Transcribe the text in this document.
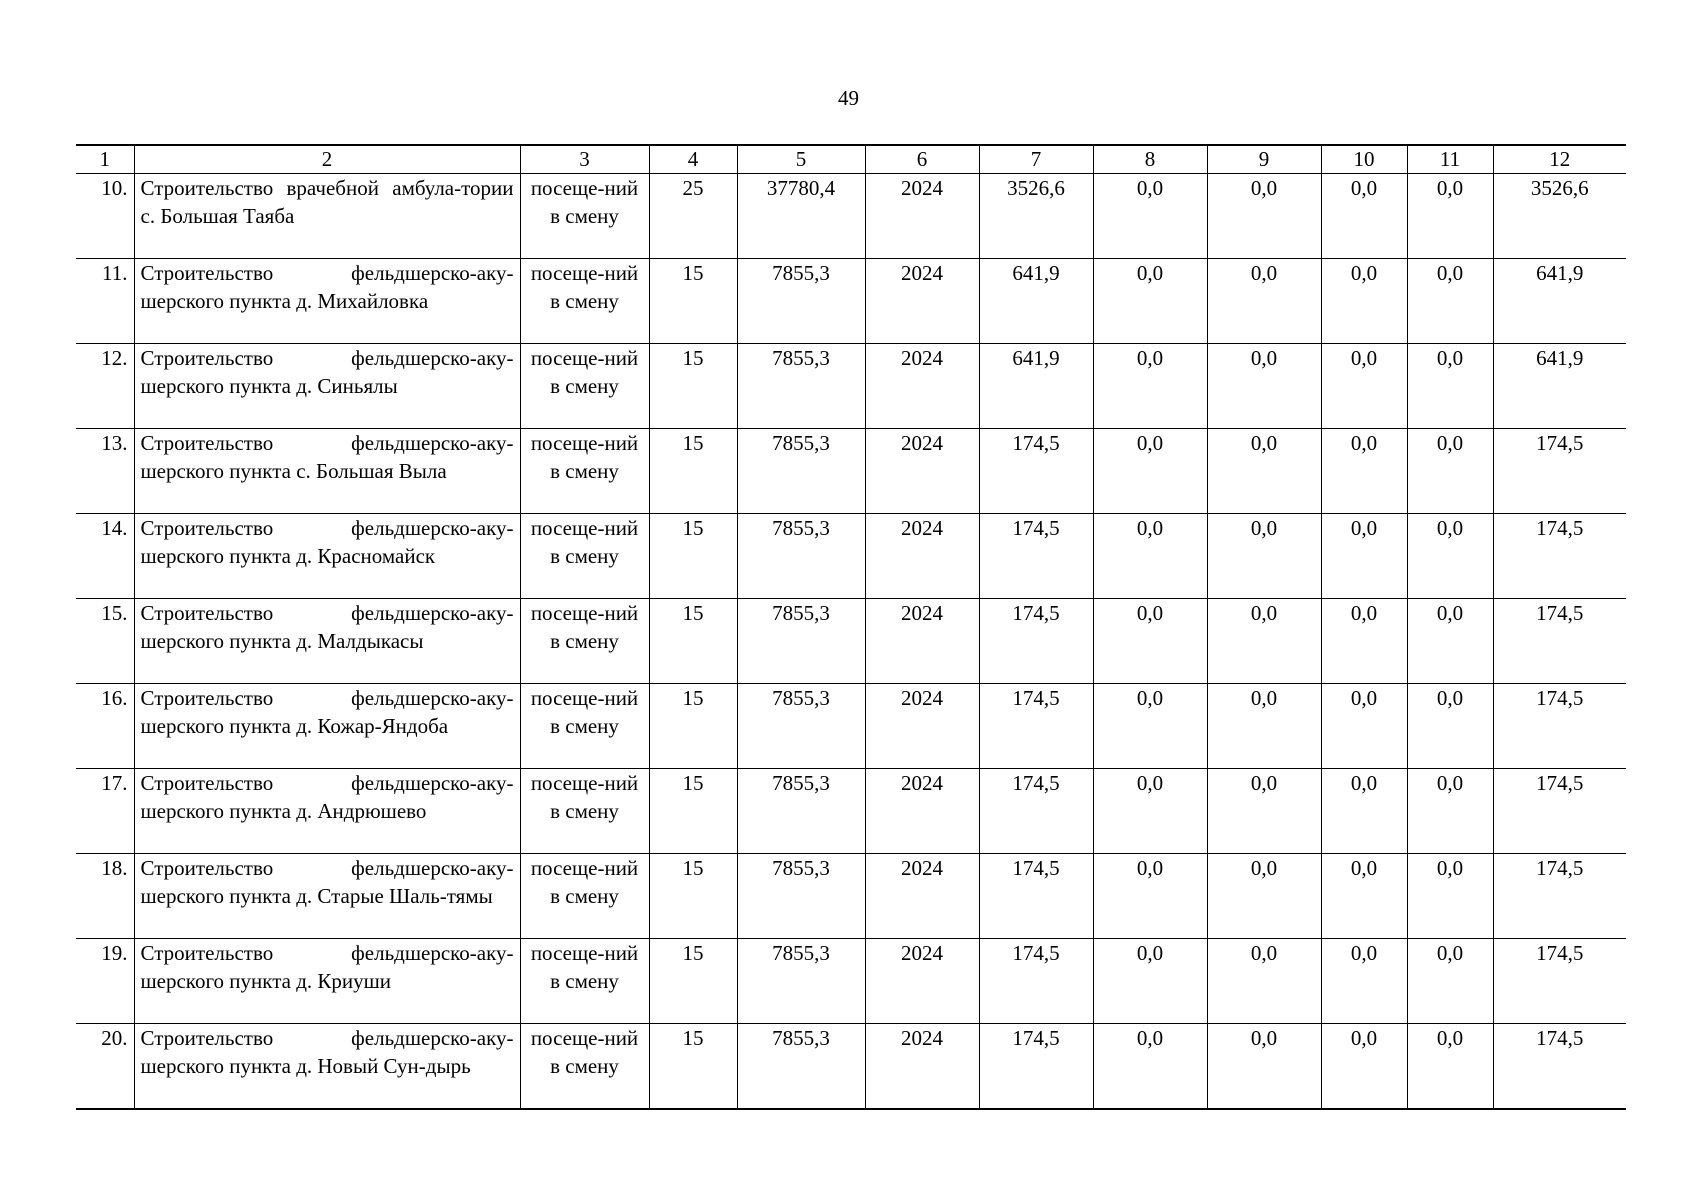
49
1	2	3	4	5	6	7	8	9	10	11	12
10.	Строительство врачебной амбула-тории с. Большая Таяба	посеще-ний в смену	25	37780,4	2024	3526,6	0,0	0,0	0,0	0,0	3526,6
11.	Строительство фельдшерско-аку-шерского пункта д. Михайловка	посеще-ний в смену	15	7855,3	2024	641,9	0,0	0,0	0,0	0,0	641,9
12.	Строительство фельдшерско-аку-шерского пункта д. Синьялы	посеще-ний в смену	15	7855,3	2024	641,9	0,0	0,0	0,0	0,0	641,9
13.	Строительство фельдшерско-аку-шерского пункта с. Большая Выла	посеще-ний в смену	15	7855,3	2024	174,5	0,0	0,0	0,0	0,0	174,5
14.	Строительство фельдшерско-аку-шерского пункта д. Красномайск	посеще-ний в смену	15	7855,3	2024	174,5	0,0	0,0	0,0	0,0	174,5
15.	Строительство фельдшерско-аку-шерского пункта д. Малдыкасы	посеще-ний в смену	15	7855,3	2024	174,5	0,0	0,0	0,0	0,0	174,5
16.	Строительство фельдшерско-аку-шерского пункта д. Кожар-Яндоба	посеще-ний в смену	15	7855,3	2024	174,5	0,0	0,0	0,0	0,0	174,5
17.	Строительство фельдшерско-аку-шерского пункта д. Андрюшево	посеще-ний в смену	15	7855,3	2024	174,5	0,0	0,0	0,0	0,0	174,5
18.	Строительство фельдшерско-аку-шерского пункта д. Старые Шаль-тямы	посеще-ний в смену	15	7855,3	2024	174,5	0,0	0,0	0,0	0,0	174,5
19.	Строительство фельдшерско-аку-шерского пункта д. Криуши	посеще-ний в смену	15	7855,3	2024	174,5	0,0	0,0	0,0	0,0	174,5
20.	Строительство фельдшерско-аку-шерского пункта д. Новый Сун-дырь	посеще-ний в смену	15	7855,3	2024	174,5	0,0	0,0	0,0	0,0	174,5
